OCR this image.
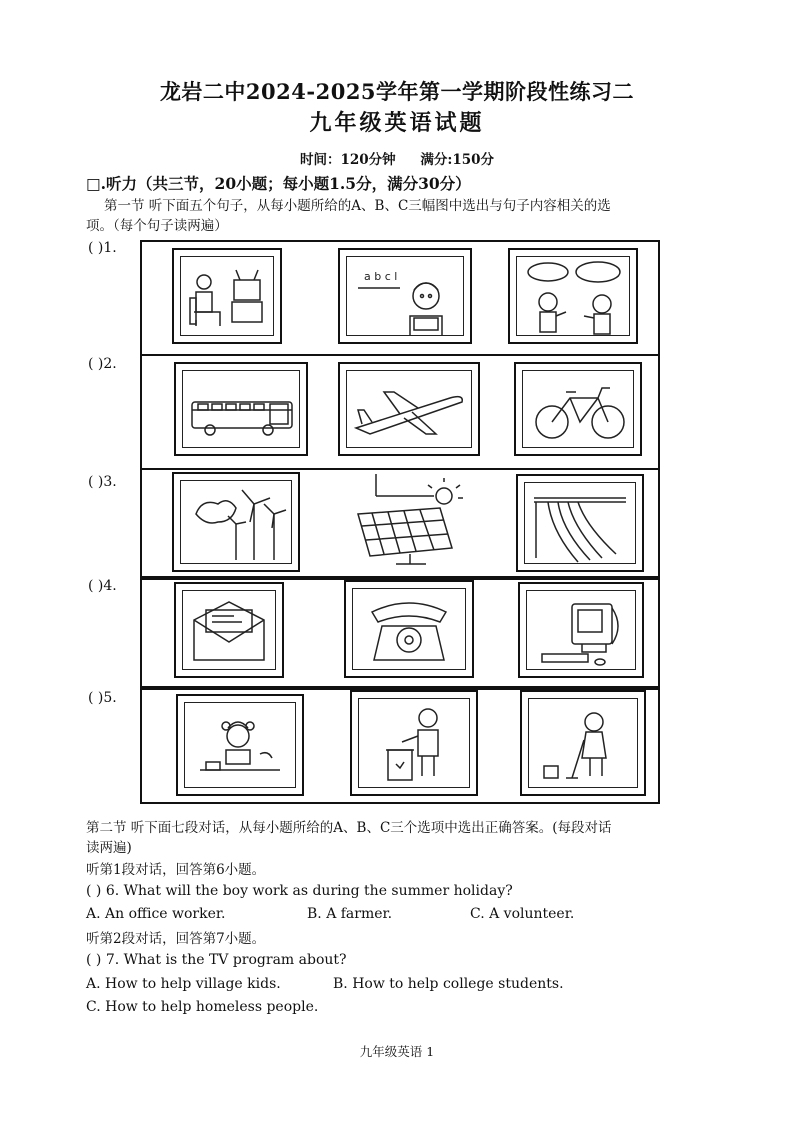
龙岩二中2024-2025学年第一学期阶段性练习二
九年级英语试题
时间：120分钟 满分:150分
□.听力（共三节，20小题；每小题1.5分，满分30分）
第一节 听下面五个句子，从每小题所给的A、B、C三幅图中选出与句子内容相关的选
项。（每个句子读两遍）
( )1.
a b c l
( )2.
( )3.
( )4.
( )5.
第二节 听下面七段对话，从每小题所给的A、B、C三个选项中选出正确答案。(每段对话
读两遍)
听第1段对话，回答第6小题。
( ) 6. What will the boy work as during the summer holiday?
A. An office worker.	B. A farmer.	C. A volunteer.
听第2段对话，回答第7小题。
( ) 7. What is the TV program about?
A. How to help village kids.	B. How to help college students.
C. How to help homeless people.
九年级英语 1
